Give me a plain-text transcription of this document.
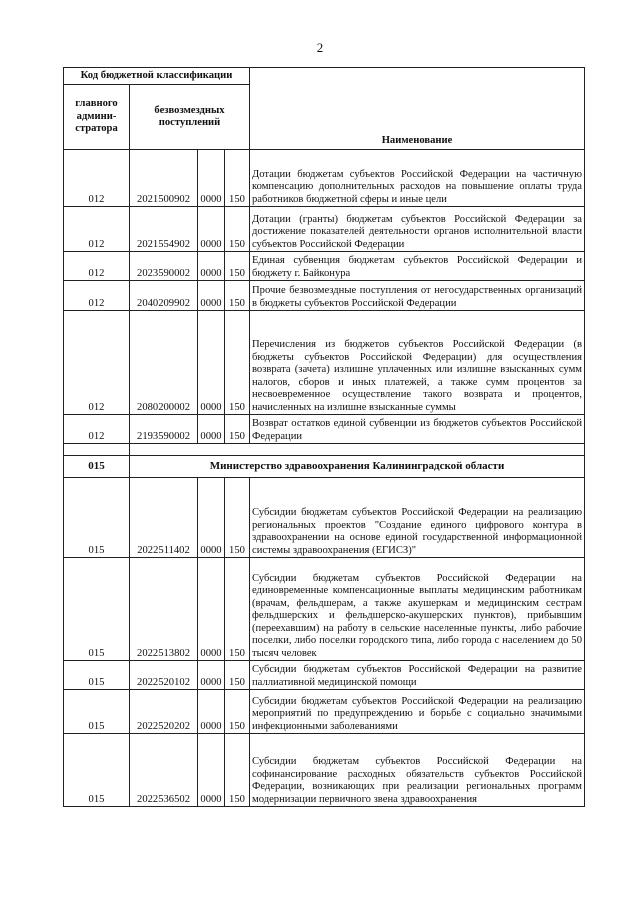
2
Код бюджетной классификации				Наименование
главного админи-стратора	безвозмездных поступлений			
012	2021500902	0000	150	Дотации бюджетам субъектов Российской Федерации на частичную компенсацию дополнительных расходов на повышение оплаты труда работников бюджетной сферы и иные цели
012	2021554902	0000	150	Дотации (гранты) бюджетам субъектов Российской Федерации за достижение показателей деятельности органов исполнительной власти субъектов Российской Федерации
012	2023590002	0000	150	Единая субвенция бюджетам субъектов Российской Федерации и бюджету г. Байконура
012	2040209902	0000	150	Прочие безвозмездные поступления от негосударственных организаций в бюджеты субъектов Российской Федерации
012	2080200002	0000	150	Перечисления из бюджетов субъектов Российской Федерации (в бюджеты субъектов Российской Федерации) для осуществления возврата (зачета) излишне уплаченных или излишне взысканных сумм налогов, сборов и иных платежей, а также сумм процентов за несвоевременное осуществление такого возврата и процентов, начисленных на излишне взысканные суммы
012	2193590002	0000	150	Возврат остатков единой субвенции из бюджетов субъектов Российской Федерации

015	Министерство здравоохранения Калининградской области			
015	2022511402	0000	150	Субсидии бюджетам субъектов Российской Федерации на реализацию региональных проектов "Создание единого цифрового контура в здравоохранении на основе единой государственной информационной системы здравоохранения (ЕГИСЗ)"
015	2022513802	0000	150	Субсидии бюджетам субъектов Российской Федерации на единовременные компенсационные выплаты медицинским работникам (врачам, фельдшерам, а также акушеркам и медицинским сестрам фельдшерских и фельдшерско-акушерских пунктов), прибывшим (переехавшим) на работу в сельские населенные пункты, либо рабочие поселки, либо поселки городского типа, либо города с населением до 50 тысяч человек
015	2022520102	0000	150	Субсидии бюджетам субъектов Российской Федерации на развитие паллиативной медицинской помощи
015	2022520202	0000	150	Субсидии бюджетам субъектов Российской Федерации на реализацию мероприятий по предупреждению и борьбе с социально значимыми инфекционными заболеваниями
015	2022536502	0000	150	Субсидии бюджетам субъектов Российской Федерации на софинансирование расходных обязательств субъектов Российской Федерации, возникающих при реализации региональных программ модернизации первичного звена здравоохранения
